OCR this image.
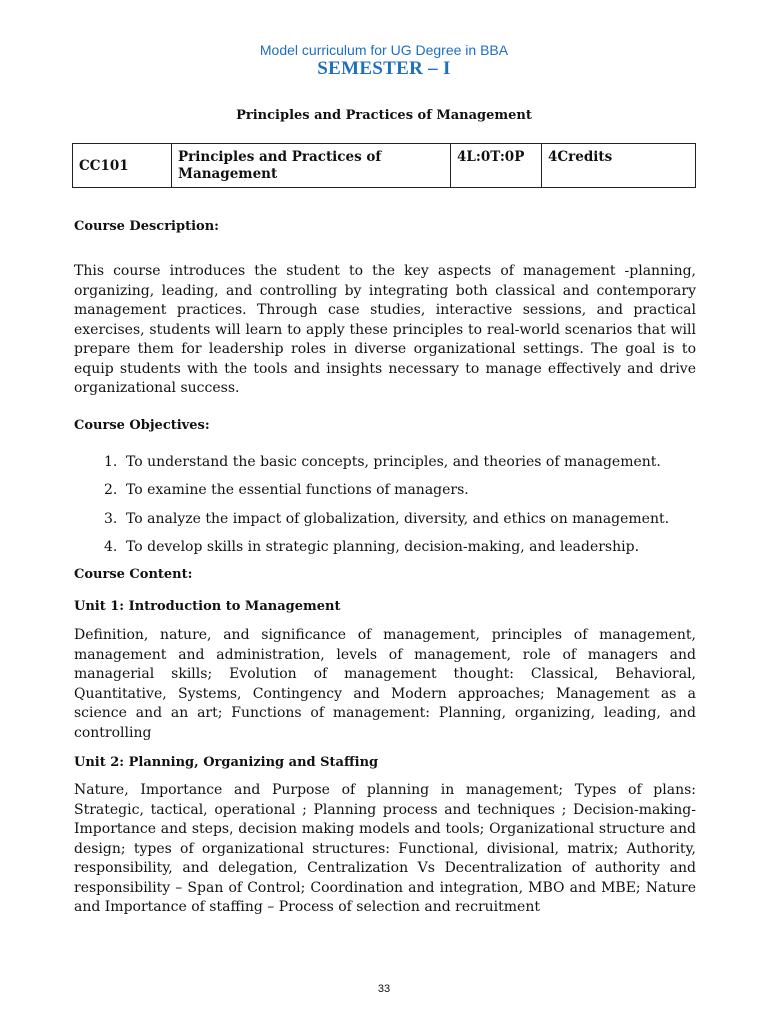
Model curriculum for UG Degree in BBA
SEMESTER – I
Principles and Practices of Management
CC101	Principles and Practices of Management	4L:0T:0P	4Credits
Course Description:
This course introduces the student to the key aspects of management -planning, organizing, leading, and controlling by integrating both classical and contemporary management practices. Through case studies, interactive sessions, and practical exercises, students will learn to apply these principles to real-world scenarios that will prepare them for leadership roles in diverse organizational settings. The goal is to equip students with the tools and insights necessary to manage effectively and drive organizational success.
Course Objectives:
1. To understand the basic concepts, principles, and theories of management.
2. To examine the essential functions of managers.
3. To analyze the impact of globalization, diversity, and ethics on management.
4. To develop skills in strategic planning, decision-making, and leadership.
Course Content:
Unit 1: Introduction to Management
Definition, nature, and significance of management, principles of management, management and administration, levels of management, role of managers and managerial skills; Evolution of management thought: Classical, Behavioral, Quantitative, Systems, Contingency and Modern approaches; Management as a science and an art; Functions of management: Planning, organizing, leading, and controlling
Unit 2: Planning, Organizing and Staffing
Nature, Importance and Purpose of planning in management; Types of plans: Strategic, tactical, operational ; Planning process and techniques ; Decision-making- Importance and steps, decision making models and tools; Organizational structure and design; types of organizational structures: Functional, divisional, matrix; Authority, responsibility, and delegation, Centralization Vs Decentralization of authority and responsibility – Span of Control; Coordination and integration, MBO and MBE; Nature and Importance of staffing – Process of selection and recruitment
33
